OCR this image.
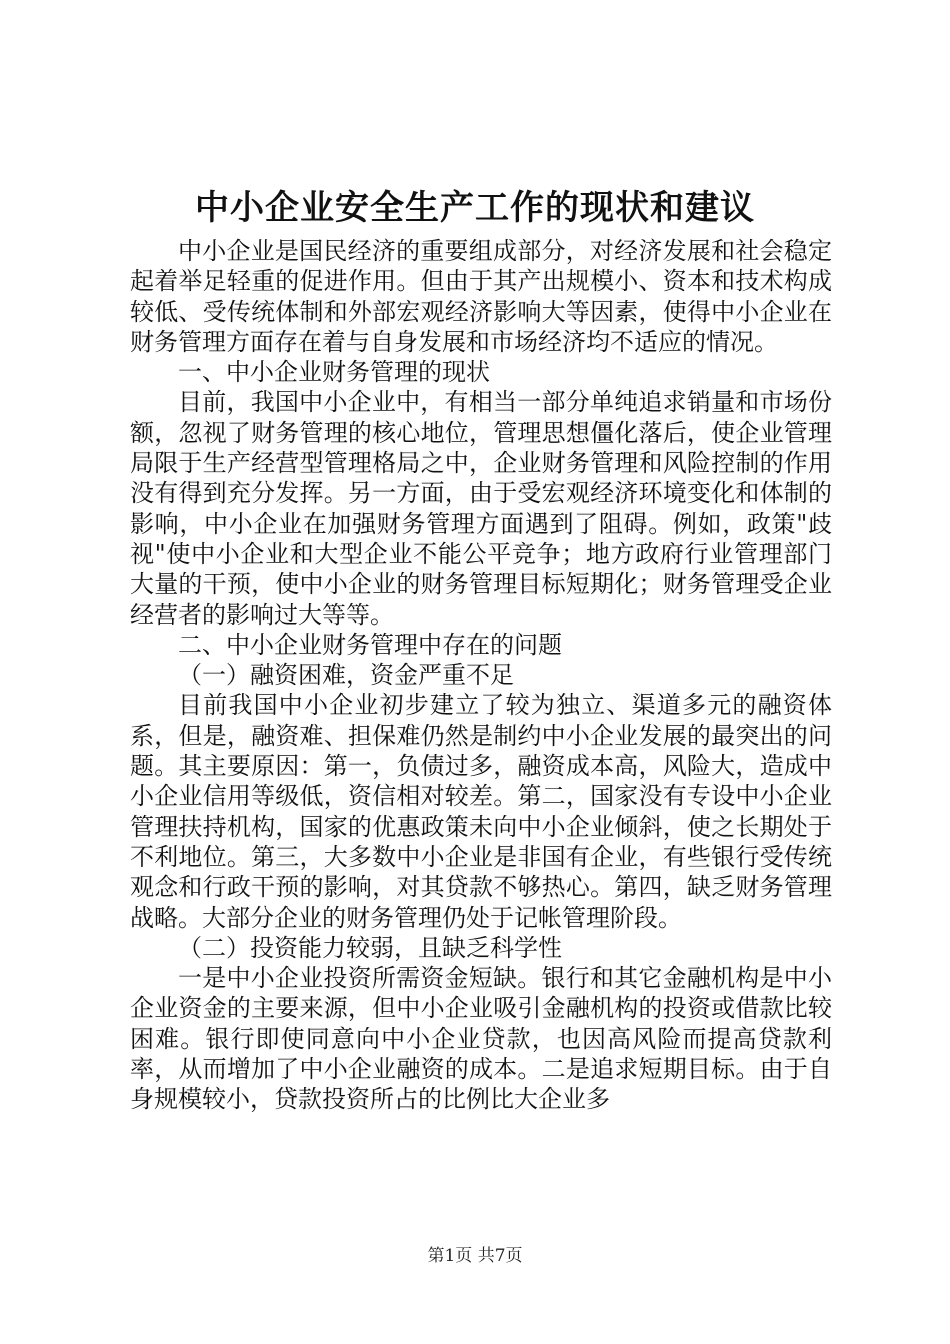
中小企业安全生产工作的现状和建议

中小企业是国民经济的重要组成部分，对经济发展和社会稳定起着举足轻重的促进作用。但由于其产出规模小、资本和技术构成较低、受传统体制和外部宏观经济影响大等因素，使得中小企业在财务管理方面存在着与自身发展和市场经济均不适应的情况。

一、中小企业财务管理的现状

目前，我国中小企业中，有相当一部分单纯追求销量和市场份额，忽视了财务管理的核心地位，管理思想僵化落后，使企业管理局限于生产经营型管理格局之中，企业财务管理和风险控制的作用没有得到充分发挥。另一方面，由于受宏观经济环境变化和体制的影响，中小企业在加强财务管理方面遇到了阻碍。例如，政策"歧视"使中小企业和大型企业不能公平竞争；地方政府行业管理部门大量的干预，使中小企业的财务管理目标短期化；财务管理受企业经营者的影响过大等等。

二、中小企业财务管理中存在的问题

（一）融资困难，资金严重不足

目前我国中小企业初步建立了较为独立、渠道多元的融资体系，但是，融资难、担保难仍然是制约中小企业发展的最突出的问题。其主要原因：第一，负债过多，融资成本高，风险大，造成中小企业信用等级低，资信相对较差。第二，国家没有专设中小企业管理扶持机构，国家的优惠政策未向中小企业倾斜，使之长期处于不利地位。第三，大多数中小企业是非国有企业，有些银行受传统观念和行政干预的影响，对其贷款不够热心。第四，缺乏财务管理战略。大部分企业的财务管理仍处于记帐管理阶段。

（二）投资能力较弱，且缺乏科学性

一是中小企业投资所需资金短缺。银行和其它金融机构是中小企业资金的主要来源，但中小企业吸引金融机构的投资或借款比较困难。银行即使同意向中小企业贷款，也因高风险而提高贷款利率，从而增加了中小企业融资的成本。二是追求短期目标。由于自身规模较小，贷款投资所占的比例比大企业多

第1页 共7页
